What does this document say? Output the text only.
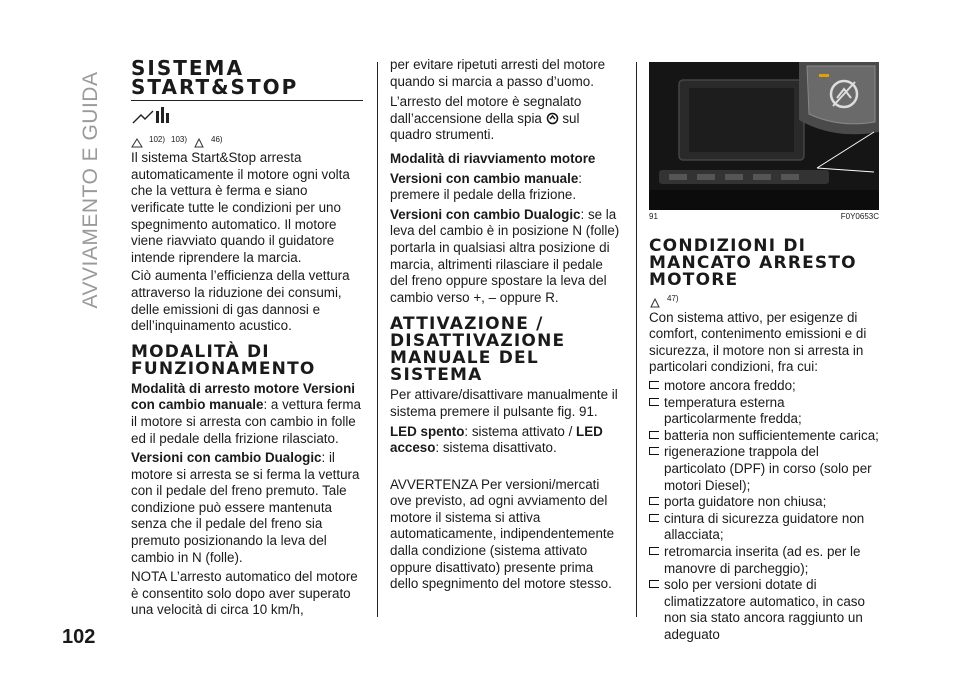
AVVIAMENTO E GUIDA
102
SISTEMA
START&STOP
102) 103)	46)

Il sistema Start&Stop arresta automaticamente il motore ogni volta che la vettura è ferma e siano verificate tutte le condizioni per uno spegnimento automatico. Il motore viene riavviato quando il guidatore intende riprendere la marcia.

Ciò aumenta l’efficienza della vettura attraverso la riduzione dei consumi, delle emissioni di gas dannosi e dell’inquinamento acustico.

MODALITÀ DI
FUNZIONAMENTO

Modalità di arresto motore Versioni con cambio manuale: a vettura ferma il motore si arresta con cambio in folle ed il pedale della frizione rilasciato.

Versioni con cambio Dualogic: il motore si arresta se si ferma la vettura con il pedale del freno premuto. Tale condizione può essere mantenuta senza che il pedale del freno sia premuto posizionando la leva del cambio in N (folle).

NOTA L’arresto automatico del motore è consentito solo dopo aver superato una velocità di circa 10 km/h,

per evitare ripetuti arresti del motore quando si marcia a passo d’uomo.

L’arresto del motore è segnalato dall’accensione della spia sul quadro strumenti.

Modalità di riavviamento motore

Versioni con cambio manuale:
premere il pedale della frizione.

Versioni con cambio Dualogic: se la leva del cambio è in posizione N (folle) portarla in qualsiasi altra posizione di marcia, altrimenti rilasciare il pedale del freno oppure spostare la leva del cambio verso +, – oppure R.

ATTIVAZIONE /
DISATTIVAZIONE
MANUALE DEL SISTEMA

Per attivare/disattivare manualmente il sistema premere il pulsante fig. 91.

LED spento: sistema attivato / LED acceso: sistema disattivato.

AVVERTENZA Per versioni/mercati ove previsto, ad ogni avviamento del motore il sistema si attiva automaticamente, indipendentemente dalla condizione (sistema attivato oppure disattivato) presente prima dello spegnimento del motore stesso.

91	F0Y0653C
CONDIZIONI DI
MANCATO ARRESTO
MOTORE
47)

Con sistema attivo, per esigenze di comfort, contenimento emissioni e di sicurezza, il motore non si arresta in particolari condizioni, fra cui:

motore ancora freddo;
temperatura esterna particolarmente fredda;
batteria non sufficientemente carica;
rigenerazione trappola del particolato (DPF) in corso (solo per motori Diesel);
porta guidatore non chiusa;
cintura di sicurezza guidatore non allacciata;
retromarcia inserita (ad es. per le manovre di parcheggio);
solo per versioni dotate di climatizzatore automatico, in caso non sia stato ancora raggiunto un adeguato
